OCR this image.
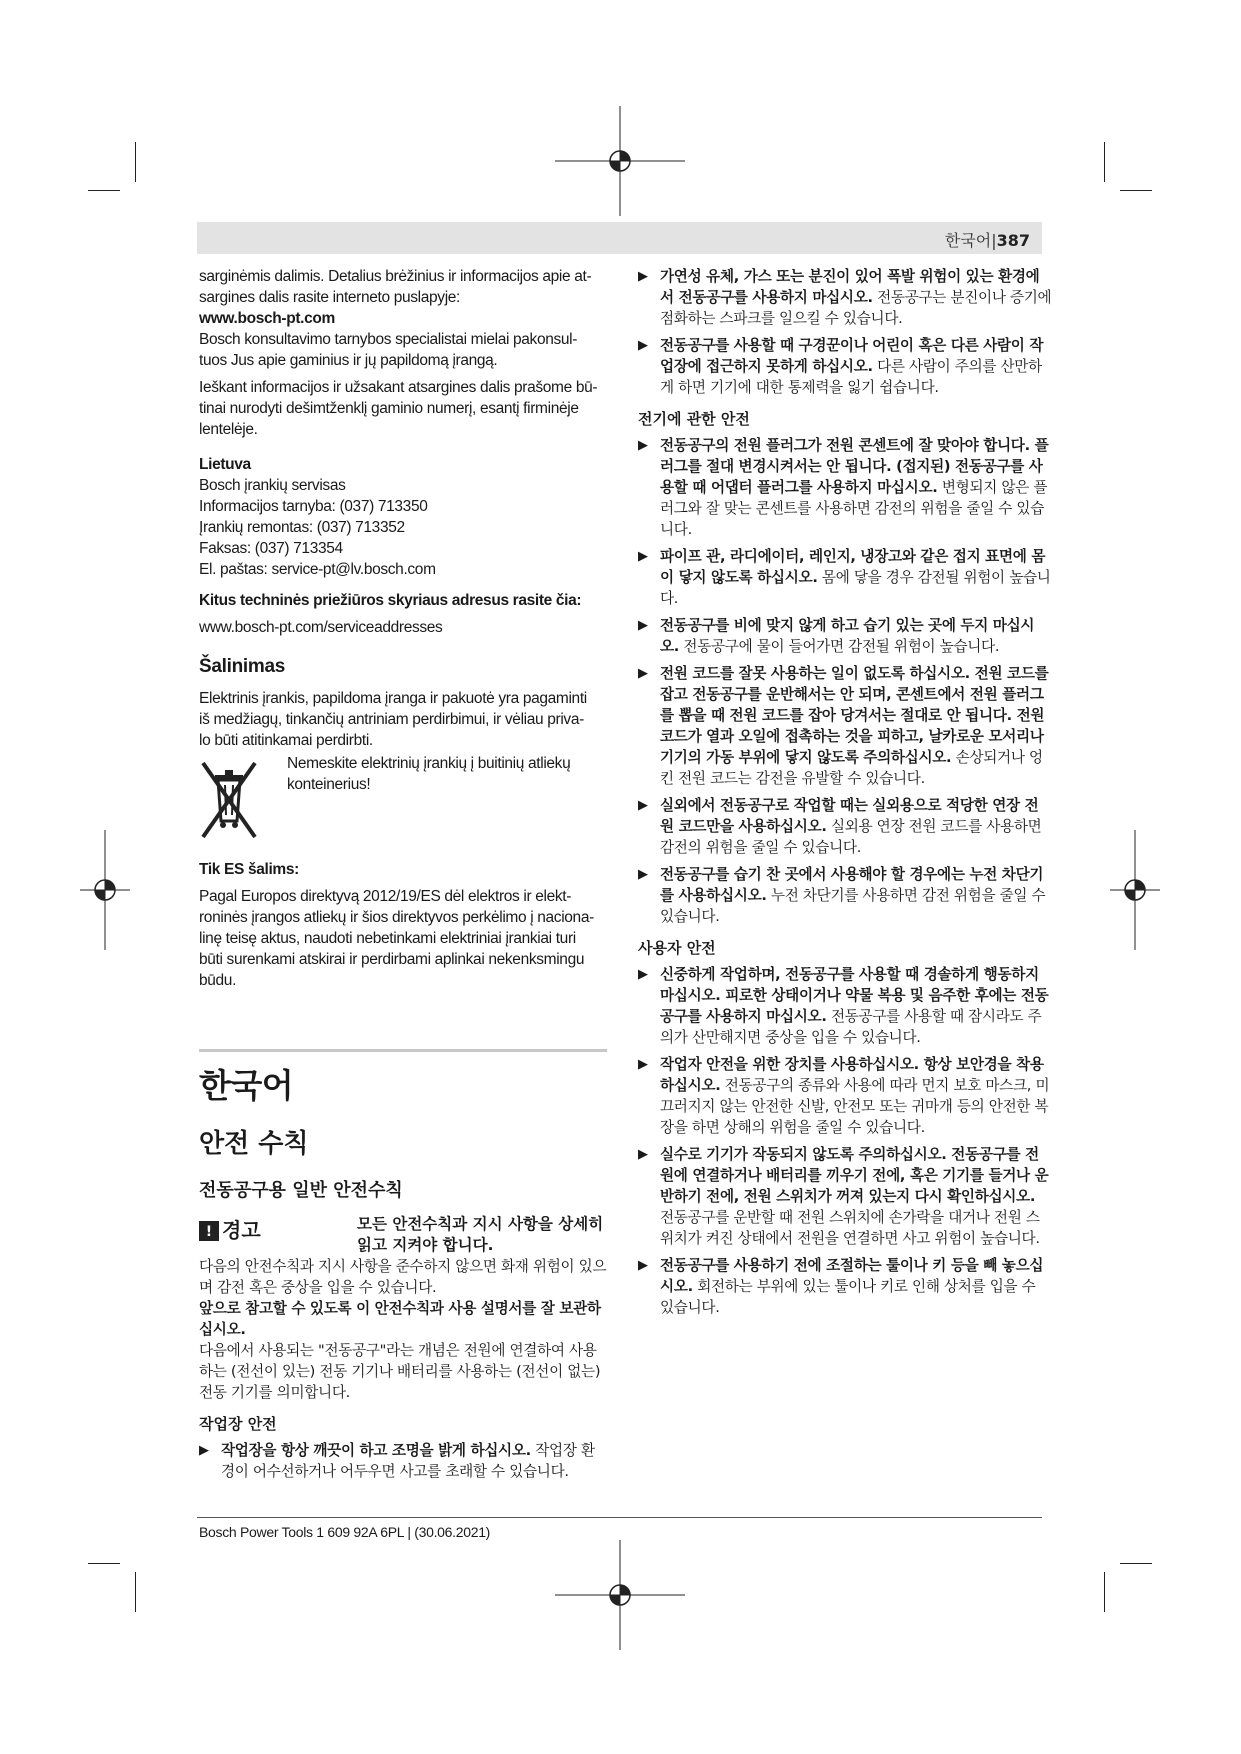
한국어|387

sarginėmis dalimis. Detalius brėžinius ir informacijos apie at-

sargines dalis rasite interneto puslapyje:

www.bosch-pt.com

Bosch konsultavimo tarnybos specialistai mielai pakonsul-

tuos Jus apie gaminius ir jų papildomą įrangą.

Ieškant informacijos ir užsakant atsargines dalis prašome bū-

tinai nurodyti dešimtženklį gaminio numerį, esantį firminėje

lentelėje.

Lietuva

Bosch įrankių servisas

Informacijos tarnyba: (037) 713350

Įrankių remontas: (037) 713352

Faksas: (037) 713354

El. paštas: service-pt@lv.bosch.com

Kitus techninės priežiūros skyriaus adresus rasite čia:

www.bosch-pt.com/serviceaddresses

Šalinimas

Elektrinis įrankis, papildoma įranga ir pakuotė yra pagaminti

iš medžiagų, tinkančių antriniam perdirbimui, ir vėliau priva-

lo būti atitinkamai perdirbti.

Nemeskite elektrinių įrankių į buitinių atliekų

konteinerius!

Tik ES šalims:

Pagal Europos direktyvą 2012/19/ES dėl elektros ir elekt-

roninės įrangos atliekų ir šios direktyvos perkėlimo į naciona-

linę teisę aktus, naudoti nebetinkami elektriniai įrankiai turi

būti surenkami atskirai ir perdirbami aplinkai nekenksmingu

būdu.

한국어
안전 수칙
전동공구용 일반 안전수칙
! 경고	모든 안전수칙과 지시 사항을 상세히 읽고 지켜야 합니다.

다음의 안전수칙과 지시 사항을 준수하지 않으면 화재 위험이 있으며 감전 혹은 중상을 입을 수 있습니다.

앞으로 참고할 수 있도록 이 안전수칙과 사용 설명서를 잘 보관하십시오.

다음에서 사용되는 "전동공구"라는 개념은 전원에 연결하여 사용하는 (전선이 있는) 전동 기기나 배터리를 사용하는 (전선이 없는) 전동 기기를 의미합니다.

작업장 안전

▶ 작업장을 항상 깨끗이 하고 조명을 밝게 하십시오. 작업장 환경이 어수선하거나 어두우면 사고를 초래할 수 있습니다.
▶ 가연성 유체, 가스 또는 분진이 있어 폭발 위험이 있는 환경에서 전동공구를 사용하지 마십시오. 전동공구는 분진이나 증기에 점화하는 스파크를 일으킬 수 있습니다.
▶ 전동공구를 사용할 때 구경꾼이나 어린이 혹은 다른 사람이 작업장에 접근하지 못하게 하십시오. 다른 사람이 주의를 산만하게 하면 기기에 대한 통제력을 잃기 쉽습니다.

전기에 관한 안전

▶ 전동공구의 전원 플러그가 전원 콘센트에 잘 맞아야 합니다. 플러그를 절대 변경시켜서는 안 됩니다. (접지된) 전동공구를 사용할 때 어댑터 플러그를 사용하지 마십시오. 변형되지 않은 플러그와 잘 맞는 콘센트를 사용하면 감전의 위험을 줄일 수 있습니다.
▶ 파이프 관, 라디에이터, 레인지, 냉장고와 같은 접지 표면에 몸이 닿지 않도록 하십시오. 몸에 닿을 경우 감전될 위험이 높습니다.
▶ 전동공구를 비에 맞지 않게 하고 습기 있는 곳에 두지 마십시오. 전동공구에 물이 들어가면 감전될 위험이 높습니다.
▶ 전원 코드를 잘못 사용하는 일이 없도록 하십시오. 전원 코드를 잡고 전동공구를 운반해서는 안 되며, 콘센트에서 전원 플러그를 뽑을 때 전원 코드를 잡아 당겨서는 절대로 안 됩니다. 전원 코드가 열과 오일에 접촉하는 것을 피하고, 날카로운 모서리나 기기의 가동 부위에 닿지 않도록 주의하십시오. 손상되거나 엉킨 전원 코드는 감전을 유발할 수 있습니다.
▶ 실외에서 전동공구로 작업할 때는 실외용으로 적당한 연장 전원 코드만을 사용하십시오. 실외용 연장 전원 코드를 사용하면 감전의 위험을 줄일 수 있습니다.
▶ 전동공구를 습기 찬 곳에서 사용해야 할 경우에는 누전 차단기를 사용하십시오. 누전 차단기를 사용하면 감전 위험을 줄일 수 있습니다.

사용자 안전

▶ 신중하게 작업하며, 전동공구를 사용할 때 경솔하게 행동하지 마십시오. 피로한 상태이거나 약물 복용 및 음주한 후에는 전동공구를 사용하지 마십시오. 전동공구를 사용할 때 잠시라도 주의가 산만해지면 중상을 입을 수 있습니다.
▶ 작업자 안전을 위한 장치를 사용하십시오. 항상 보안경을 착용하십시오. 전동공구의 종류와 사용에 따라 먼지 보호 마스크, 미끄러지지 않는 안전한 신발, 안전모 또는 귀마개 등의 안전한 복장을 하면 상해의 위험을 줄일 수 있습니다.
▶ 실수로 기기가 작동되지 않도록 주의하십시오. 전동공구를 전원에 연결하거나 배터리를 끼우기 전에, 혹은 기기를 들거나 운반하기 전에, 전원 스위치가 꺼져 있는지 다시 확인하십시오. 전동공구를 운반할 때 전원 스위치에 손가락을 대거나 전원 스위치가 켜진 상태에서 전원을 연결하면 사고 위험이 높습니다.
▶ 전동공구를 사용하기 전에 조절하는 툴이나 키 등을 빼 놓으십시오. 회전하는 부위에 있는 툴이나 키로 인해 상처를 입을 수 있습니다.
Bosch Power Tools 1 609 92A 6PL | (30.06.2021)
